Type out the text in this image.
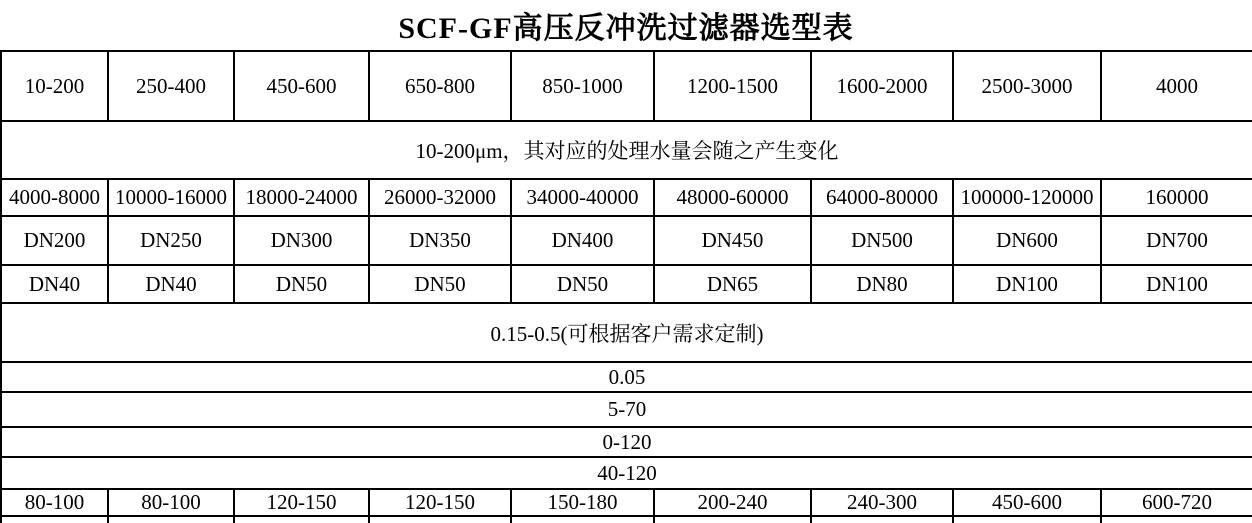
SCF-GF高压反冲洗过滤器选型表
10-200	250-400	450-600	650-800	850-1000	1200-1500	1600-2000	2500-3000	4000
10-200μm，其对应的处理水量会随之产生变化								
4000-8000	10000-16000	18000-24000	26000-32000	34000-40000	48000-60000	64000-80000	100000-120000	160000
DN200	DN250	DN300	DN350	DN400	DN450	DN500	DN600	DN700
DN40	DN40	DN50	DN50	DN50	DN65	DN80	DN100	DN100
0.15-0.5(可根据客户需求定制)								
0.05								
5-70								
0-120								
40-120								
80-100	80-100	120-150	120-150	150-180	200-240	240-300	450-600	600-720
